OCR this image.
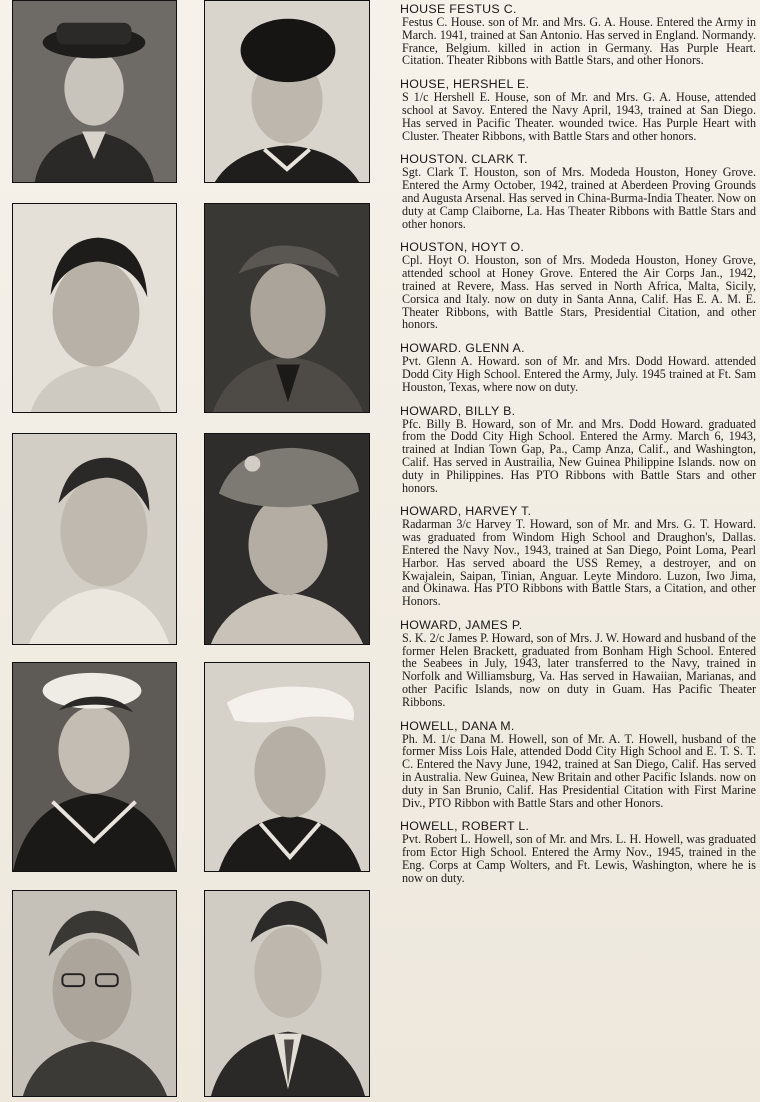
HOUSE FESTUS C.
Festus C. House. son of Mr. and Mrs. G. A. House. Entered the Army in March. 1941, trained at San Antonio. Has served in England. Normandy. France, Belgium. killed in action in Germany. Has Purple Heart. Citation. Theater Ribbons with Battle Stars, and other Honors.
HOUSE, HERSHEL E.
S 1/c Hershell E. House, son of Mr. and Mrs. G. A. House, attended school at Savoy. Entered the Navy April, 1943, trained at San Diego. Has served in Pacific Theater. wounded twice. Has Purple Heart with Cluster. Theater Ribbons, with Battle Stars and other honors.
HOUSTON. CLARK T.
Sgt. Clark T. Houston, son of Mrs. Modeda Houston, Honey Grove. Entered the Army October, 1942, trained at Aberdeen Proving Grounds and Augusta Arsenal. Has served in China-Burma-India Theater. Now on duty at Camp Claiborne, La. Has Theater Ribbons with Battle Stars and other honors.
HOUSTON, HOYT O.
Cpl. Hoyt O. Houston, son of Mrs. Modeda Houston, Honey Grove, attended school at Honey Grove. Entered the Air Corps Jan., 1942, trained at Revere, Mass. Has served in North Africa, Malta, Sicily, Corsica and Italy. now on duty in Santa Anna, Calif. Has E. A. M. E. Theater Ribbons, with Battle Stars, Presidential Citation, and other honors.
HOWARD. GLENN A.
Pvt. Glenn A. Howard. son of Mr. and Mrs. Dodd Howard. attended Dodd City High School. Entered the Army, July. 1945 trained at Ft. Sam Houston, Texas, where now on duty.
HOWARD, BILLY B.
Pfc. Billy B. Howard, son of Mr. and Mrs. Dodd Howard. graduated from the Dodd City High School. Entered the Army. March 6, 1943, trained at Indian Town Gap, Pa., Camp Anza, Calif., and Washington, Calif. Has served in Austrailia, New Guinea Philippine Islands. now on duty in Philippines. Has PTO Ribbons with Battle Stars and other honors.
HOWARD, HARVEY T.
Radarman 3/c Harvey T. Howard, son of Mr. and Mrs. G. T. Howard. was graduated from Windom High School and Draughon's, Dallas. Entered the Navy Nov., 1943, trained at San Diego, Point Loma, Pearl Harbor. Has served aboard the USS Remey, a destroyer, and on Kwajalein, Saipan, Tinian, Anguar. Leyte Mindoro. Luzon, Iwo Jima, and Okinawa. Has PTO Ribbons with Battle Stars, a Citation, and other Honors.
HOWARD, JAMES P.
S. K. 2/c James P. Howard, son of Mrs. J. W. Howard and husband of the former Helen Brackett, graduated from Bonham High School. Entered the Seabees in July, 1943, later transferred to the Navy, trained in Norfolk and Williamsburg, Va. Has served in Hawaiian, Marianas, and other Pacific Islands, now on duty in Guam. Has Pacific Theater Ribbons.
HOWELL, DANA M.
Ph. M. 1/c Dana M. Howell, son of Mr. A. T. Howell, husband of the former Miss Lois Hale, attended Dodd City High School and E. T. S. T. C. Entered the Navy June, 1942, trained at San Diego, Calif. Has served in Australia. New Guinea, New Britain and other Pacific Islands. now on duty in San Brunio, Calif. Has Presidential Citation with First Marine Div., PTO Ribbon with Battle Stars and other Honors.
HOWELL, ROBERT L.
Pvt. Robert L. Howell, son of Mr. and Mrs. L. H. Howell, was graduated from Ector High School. Entered the Army Nov., 1945, trained in the Eng. Corps at Camp Wolters, and Ft. Lewis, Washington, where he is now on duty.
